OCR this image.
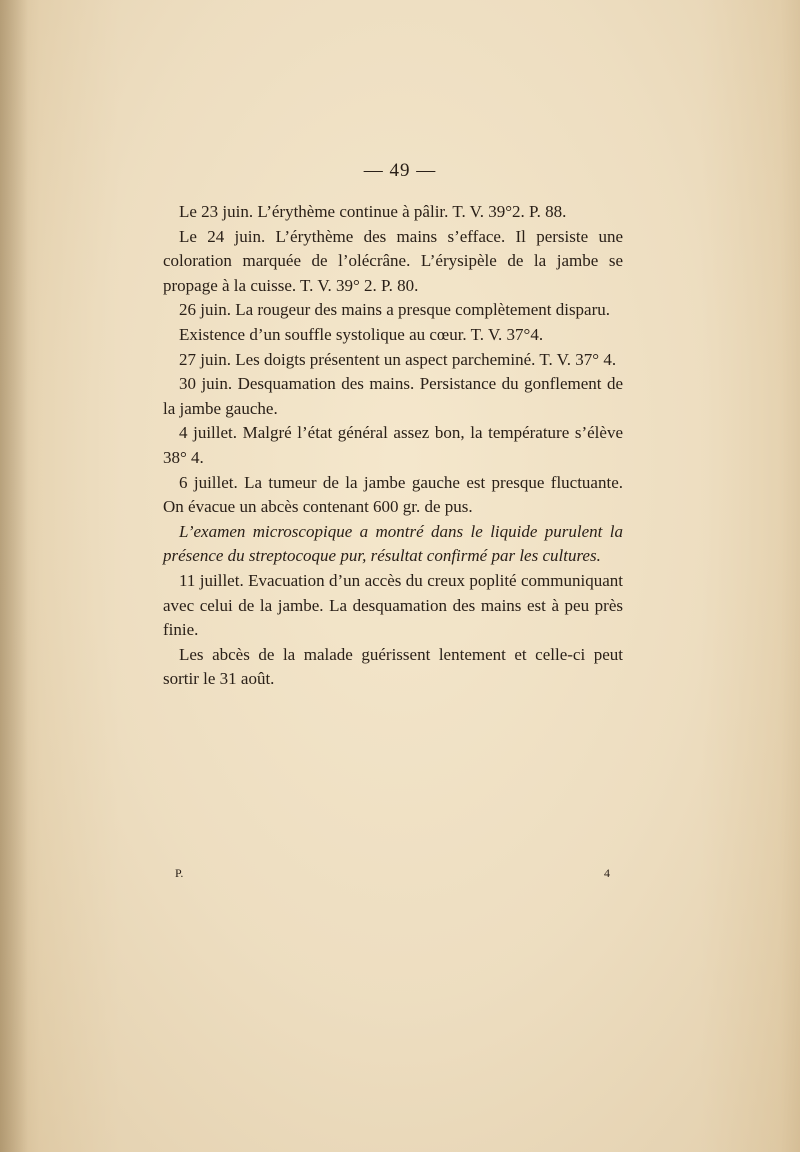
— 49 —

Le 23 juin. L’érythème continue à pâlir. T. V. 39°2. P. 88.

Le 24 juin. L’érythème des mains s’efface. Il persiste une coloration marquée de l’olécrâne. L’érysipèle de la jambe se propage à la cuisse. T. V. 39° 2. P. 80.

26 juin. La rougeur des mains a presque complètement disparu.

Existence d’un souffle systolique au cœur. T. V. 37°4.

27 juin. Les doigts présentent un aspect parcheminé. T. V. 37° 4.

30 juin. Desquamation des mains. Persistance du gonflement de la jambe gauche.

4 juillet. Malgré l’état général assez bon, la température s’élève 38° 4.

6 juillet. La tumeur de la jambe gauche est presque fluctuante. On évacue un abcès contenant 600 gr. de pus.

L’examen microscopique a montré dans le liquide purulent la présence du streptocoque pur, résultat confirmé par les cultures.

11 juillet. Evacuation d’un accès du creux poplité communiquant avec celui de la jambe. La desquamation des mains est à peu près finie.

Les abcès de la malade guérissent lentement et celle-ci peut sortir le 31 août.

P.	4
